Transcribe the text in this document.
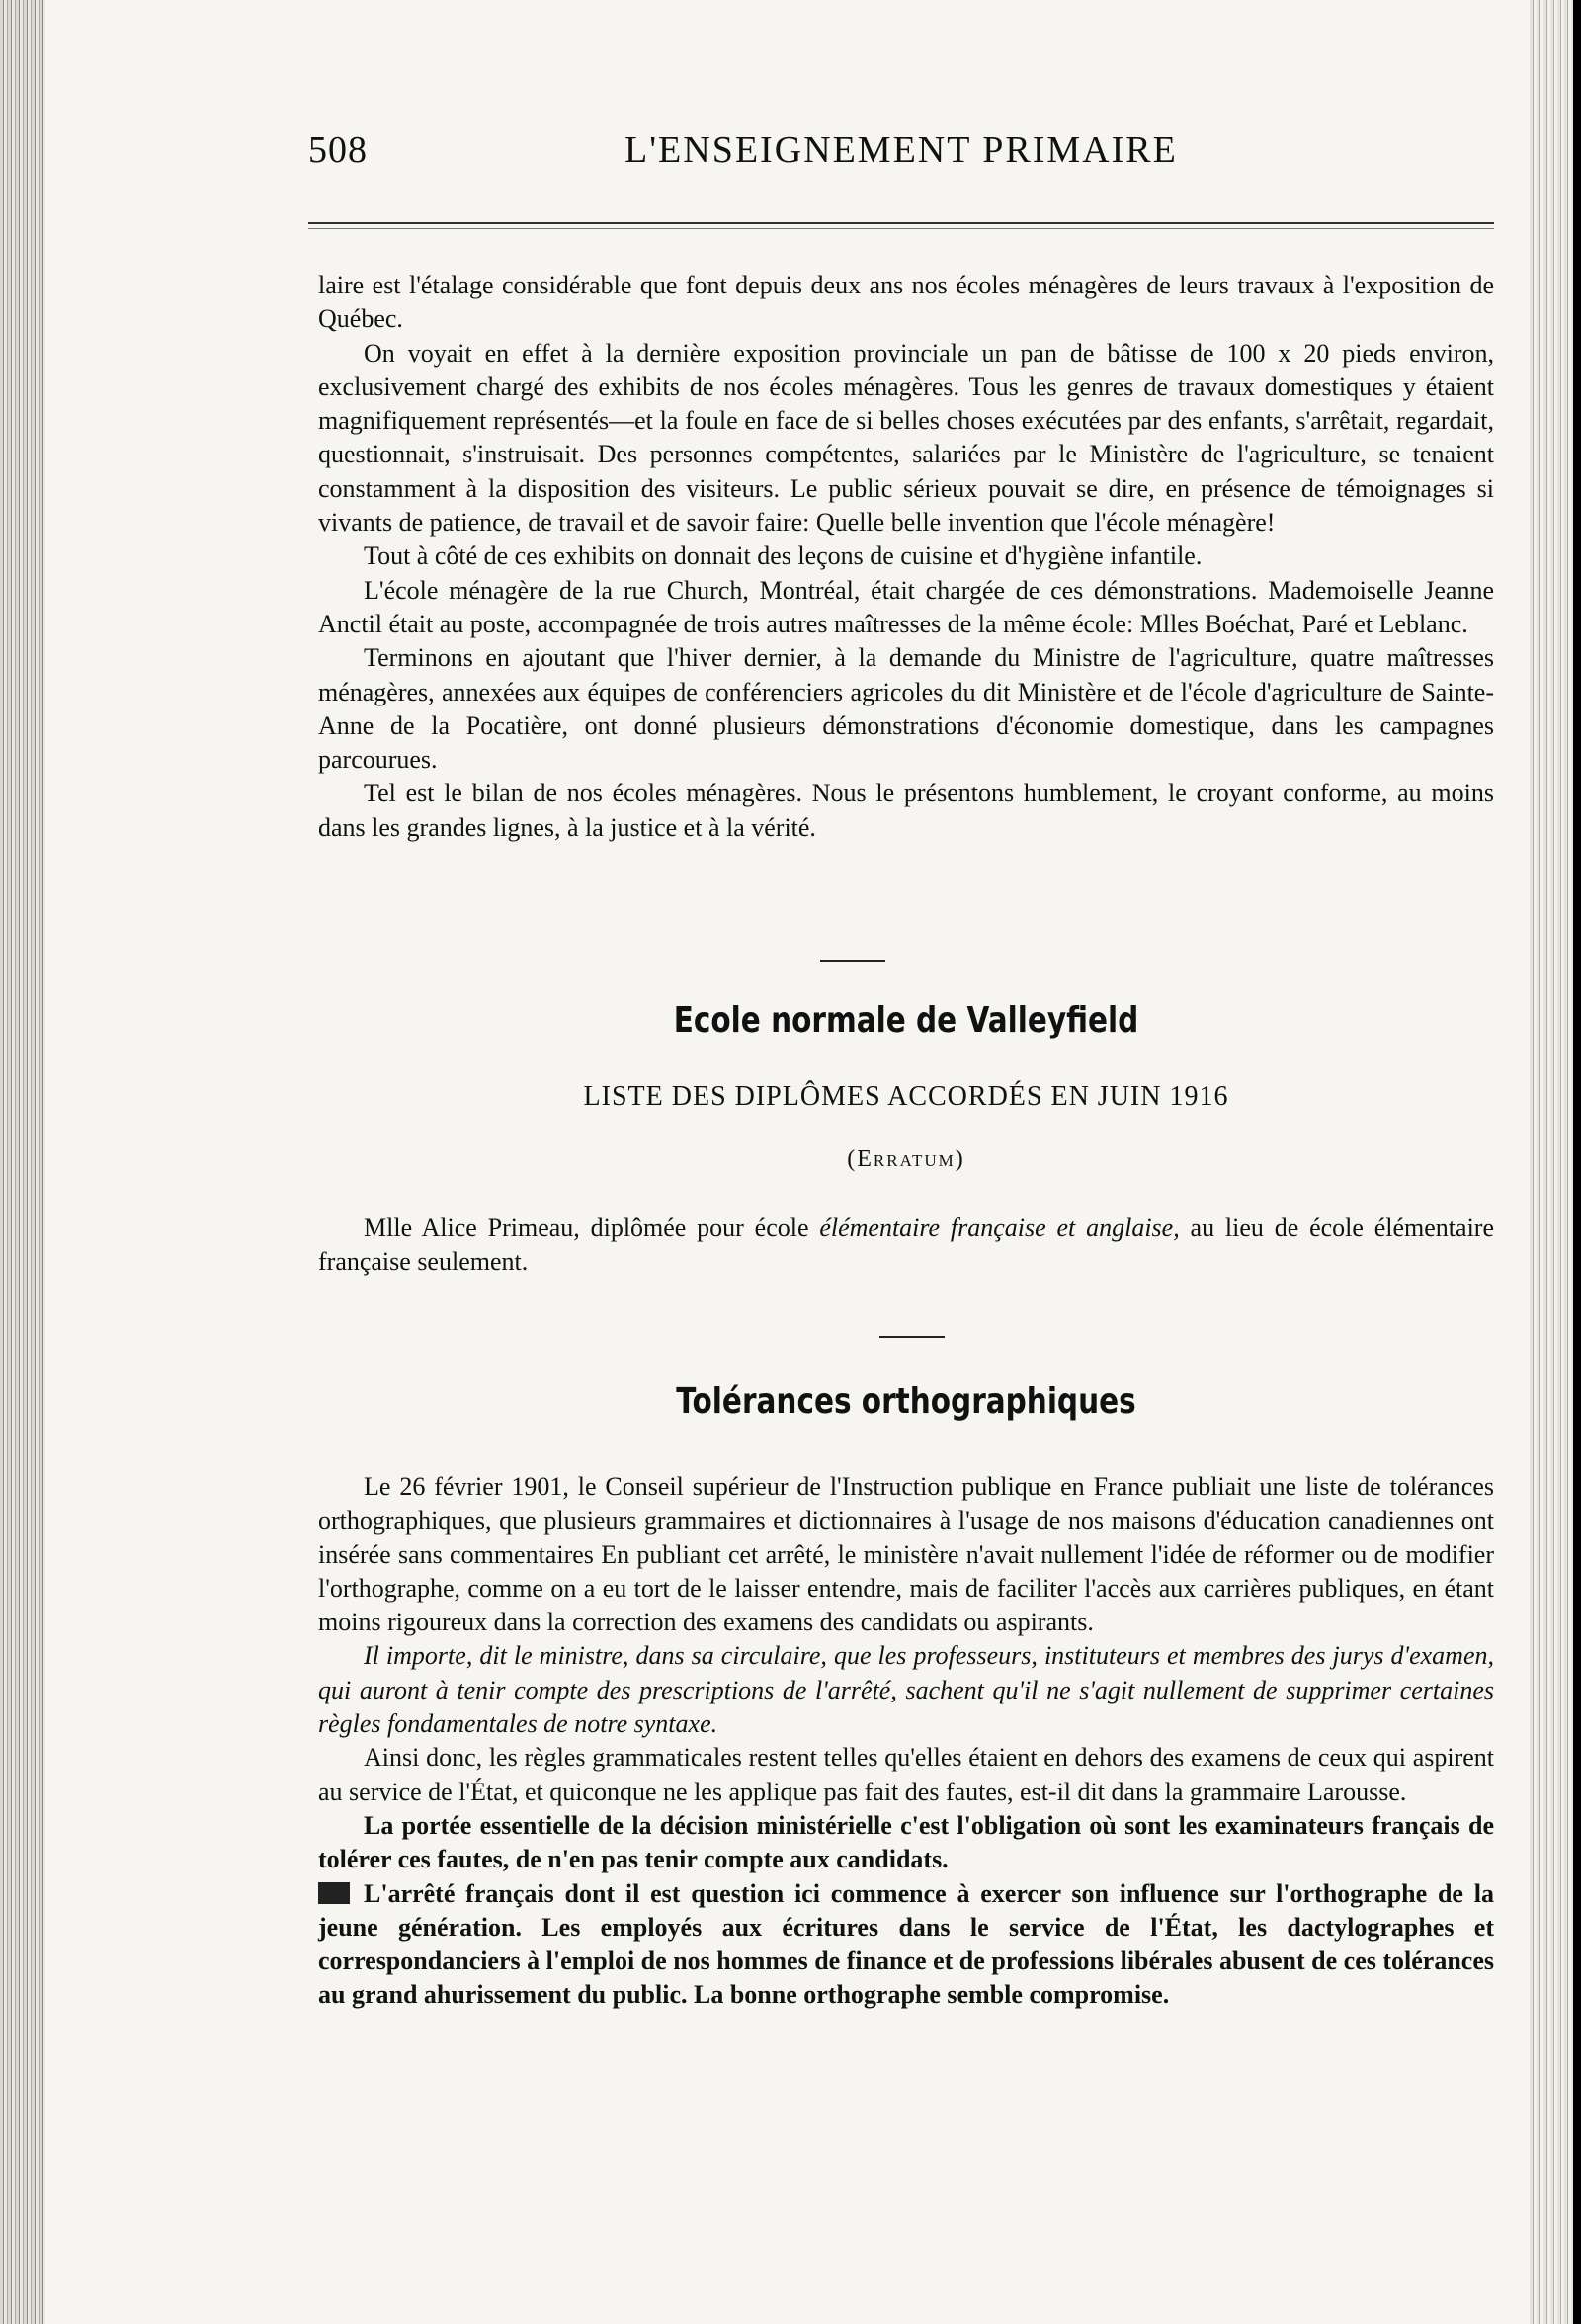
508	L'ENSEIGNEMENT PRIMAIRE

laire est l'étalage considérable que font depuis deux ans nos écoles ménagères de leurs travaux à l'exposition de Québec.

On voyait en effet à la dernière exposition provinciale un pan de bâtisse de 100 x 20 pieds environ, exclusivement chargé des exhibits de nos écoles ménagères. Tous les genres de travaux domestiques y étaient magnifiquement représentés—et la foule en face de si belles choses exécutées par des enfants, s'arrêtait, regardait, questionnait, s'instruisait. Des personnes compétentes, salariées par le Ministère de l'agriculture, se tenaient constamment à la disposition des visiteurs. Le public sérieux pouvait se dire, en présence de témoignages si vivants de patience, de travail et de savoir faire: Quelle belle invention que l'école ménagère!

Tout à côté de ces exhibits on donnait des leçons de cuisine et d'hygiène infantile.

L'école ménagère de la rue Church, Montréal, était chargée de ces démonstrations. Mademoiselle Jeanne Anctil était au poste, accompagnée de trois autres maîtresses de la même école: Mlles Boéchat, Paré et Leblanc.

Terminons en ajoutant que l'hiver dernier, à la demande du Ministre de l'agriculture, quatre maîtresses ménagères, annexées aux équipes de conférenciers agricoles du dit Ministère et de l'école d'agriculture de Sainte-Anne de la Pocatière, ont donné plusieurs démonstrations d'économie domestique, dans les campagnes parcourues.

Tel est le bilan de nos écoles ménagères. Nous le présentons humblement, le croyant conforme, au moins dans les grandes lignes, à la justice et à la vérité.

Ecole normale de Valleyfield
LISTE DES DIPLÔMES ACCORDÉS EN JUIN 1916
(Erratum)

Mlle Alice Primeau, diplômée pour école élémentaire française et anglaise, au lieu de école élémentaire française seulement.

Tolérances orthographiques

Le 26 février 1901, le Conseil supérieur de l'Instruction publique en France publiait une liste de tolérances orthographiques, que plusieurs grammaires et dictionnaires à l'usage de nos maisons d'éducation canadiennes ont insérée sans commentaires En publiant cet arrêté, le ministère n'avait nullement l'idée de réformer ou de modifier l'orthographe, comme on a eu tort de le laisser entendre, mais de faciliter l'accès aux carrières publiques, en étant moins rigoureux dans la correction des examens des candidats ou aspirants.

Il importe, dit le ministre, dans sa circulaire, que les professeurs, instituteurs et membres des jurys d'examen, qui auront à tenir compte des prescriptions de l'arrêté, sachent qu'il ne s'agit nullement de supprimer certaines règles fondamentales de notre syntaxe.

Ainsi donc, les règles grammaticales restent telles qu'elles étaient en dehors des examens de ceux qui aspirent au service de l'État, et quiconque ne les applique pas fait des fautes, est-il dit dans la grammaire Larousse.

La portée essentielle de la décision ministérielle c'est l'obligation où sont les examinateurs français de tolérer ces fautes, de n'en pas tenir compte aux candidats.

L'arrêté français dont il est question ici commence à exercer son influence sur l'orthographe de la jeune génération. Les employés aux écritures dans le service de l'État, les dactylographes et correspondanciers à l'emploi de nos hommes de finance et de professions libérales abusent de ces tolérances au grand ahurissement du public. La bonne orthographe semble compromise.
